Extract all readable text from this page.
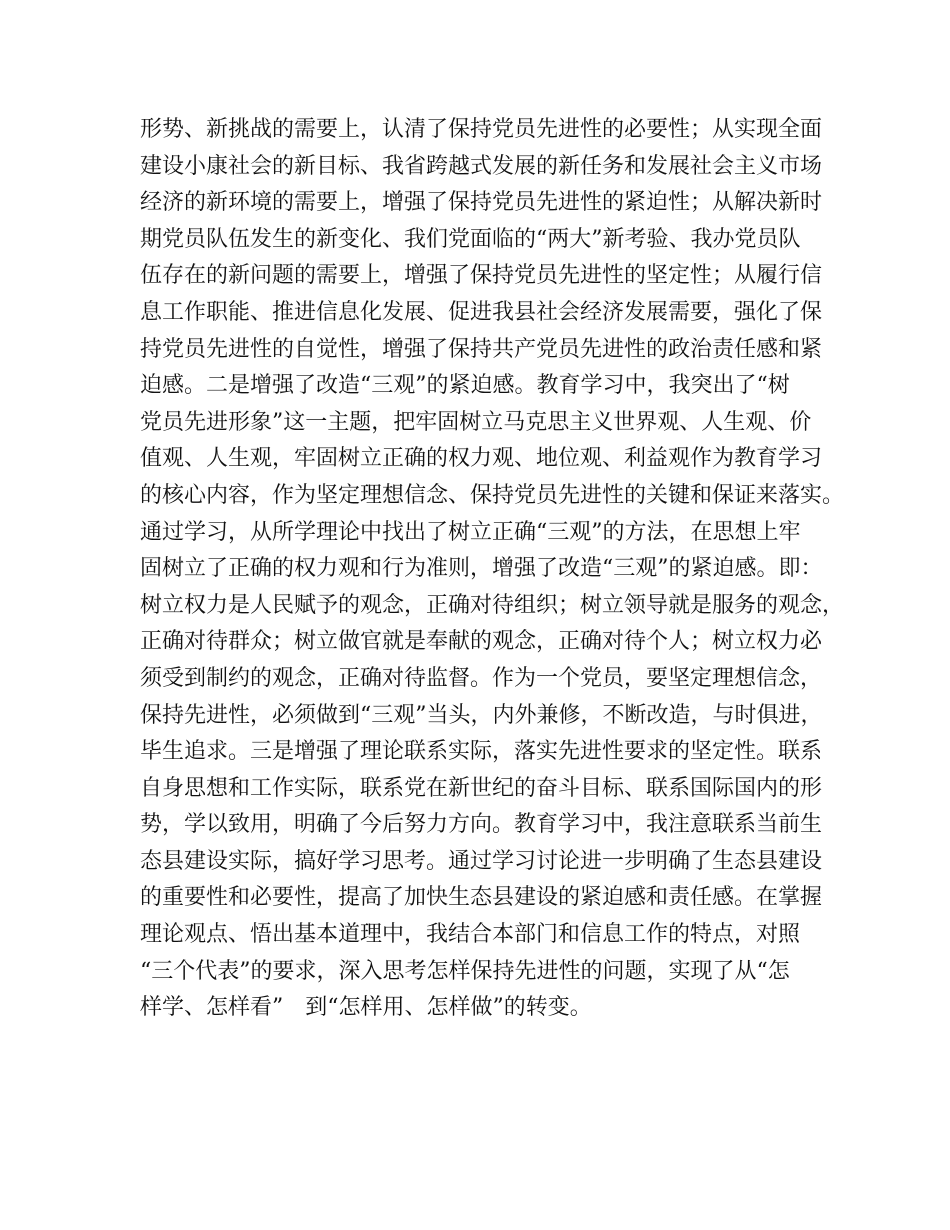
形势、新挑战的需要上，认清了保持党员先进性的必要性；从实现全面
建设小康社会的新目标、我省跨越式发展的新任务和发展社会主义市场
经济的新环境的需要上，增强了保持党员先进性的紧迫性；从解决新时
期党员队伍发生的新变化、我们党面临的“两大”新考验、我办党员队
伍存在的新问题的需要上，增强了保持党员先进性的坚定性；从履行信
息工作职能、推进信息化发展、促进我县社会经济发展需要，强化了保
持党员先进性的自觉性，增强了保持共产党员先进性的政治责任感和紧
迫感。二是增强了改造“三观”的紧迫感。教育学习中，我突出了“树
党员先进形象”这一主题，把牢固树立马克思主义世界观、人生观、价
值观、人生观，牢固树立正确的权力观、地位观、利益观作为教育学习
的核心内容，作为坚定理想信念、保持党员先进性的关键和保证来落实。
通过学习，从所学理论中找出了树立正确“三观”的方法，在思想上牢
固树立了正确的权力观和行为准则，增强了改造“三观”的紧迫感。即：
树立权力是人民赋予的观念，正确对待组织；树立领导就是服务的观念，
正确对待群众；树立做官就是奉献的观念，正确对待个人；树立权力必
须受到制约的观念，正确对待监督。作为一个党员，要坚定理想信念，
保持先进性，必须做到“三观”当头，内外兼修，不断改造，与时俱进，
毕生追求。三是增强了理论联系实际，落实先进性要求的坚定性。联系
自身思想和工作实际，联系党在新世纪的奋斗目标、联系国际国内的形
势，学以致用，明确了今后努力方向。教育学习中，我注意联系当前生
态县建设实际，搞好学习思考。通过学习讨论进一步明确了生态县建设
的重要性和必要性，提高了加快生态县建设的紧迫感和责任感。在掌握
理论观点、悟出基本道理中，我结合本部门和信息工作的特点，对照
“三个代表”的要求，深入思考怎样保持先进性的问题，实现了从“怎
样学、怎样看”　到“怎样用、怎样做”的转变。
